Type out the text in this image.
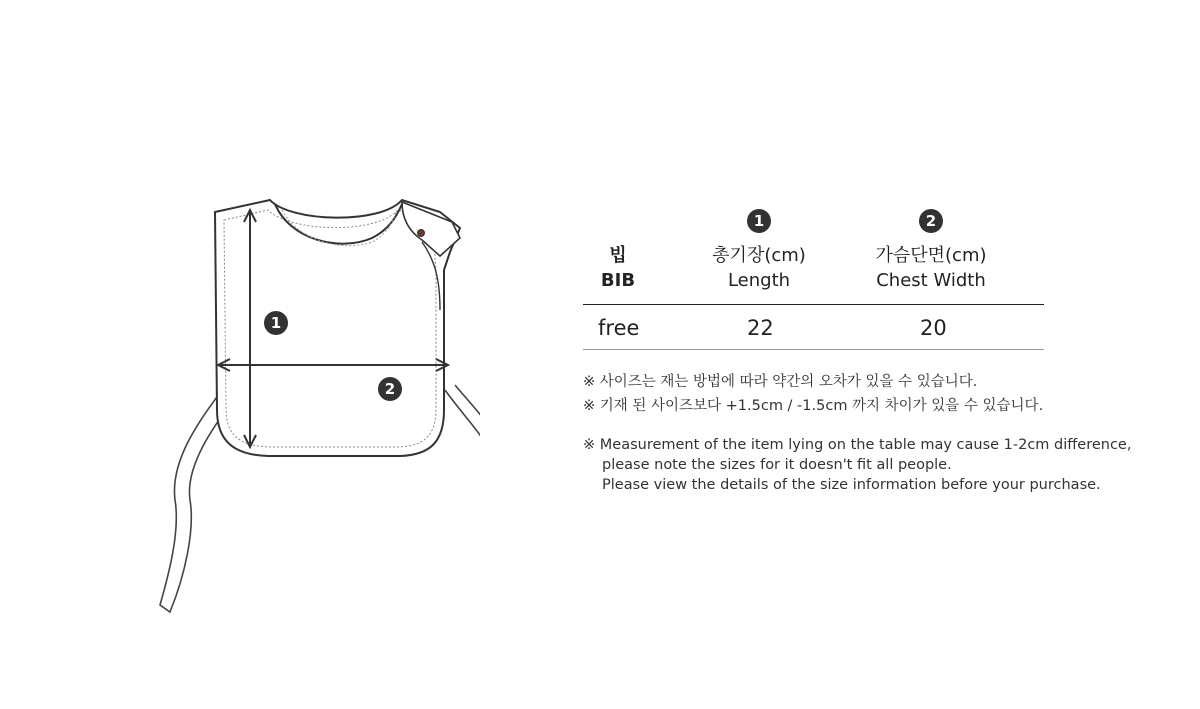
1
2
빕
BIB
1
총기장(cm)
Length
2
가슴단면(cm)
Chest Width
free	22	20
※ 사이즈는 재는 방법에 따라 약간의 오차가 있을 수 있습니다.
※ 기재 된 사이즈보다 +1.5cm / -1.5cm 까지 차이가 있을 수 있습니다.
※ Measurement of the item lying on the table may cause 1-2cm difference,
please note the sizes for it doesn't fit all people.
Please view the details of the size information before your purchase.
